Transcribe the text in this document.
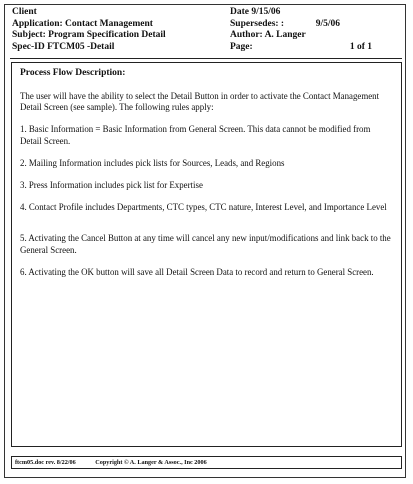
Client
Application: Contact Management
Subject: Program Specification Detail
Spec-ID FTCM05 -Detail
Date 9/15/06
Supersedes: :	9/5/06
Author: A. Langer
Page:	1 of 1
Process Flow Description:

The user will have the ability to select the Detail Button in order to activate the Contact Management Detail Screen (see sample). The following rules apply:

1. Basic Information = Basic Information from General Screen. This data cannot be modified from Detail Screen.

2. Mailing Information includes pick lists for Sources, Leads, and Regions

3. Press Information includes pick list for Expertise

4. Contact Profile includes Departments, CTC types, CTC nature, Interest Level, and Importance Level

5. Activating the Cancel Button at any time will cancel any new input/modifications and link back to the General Screen.

6. Activating the OK button will save all Detail Screen Data to record and return to General Screen.

ftcm05.doc rev. 8/22/06	Copyright © A. Langer & Assoc., Inc 2006
